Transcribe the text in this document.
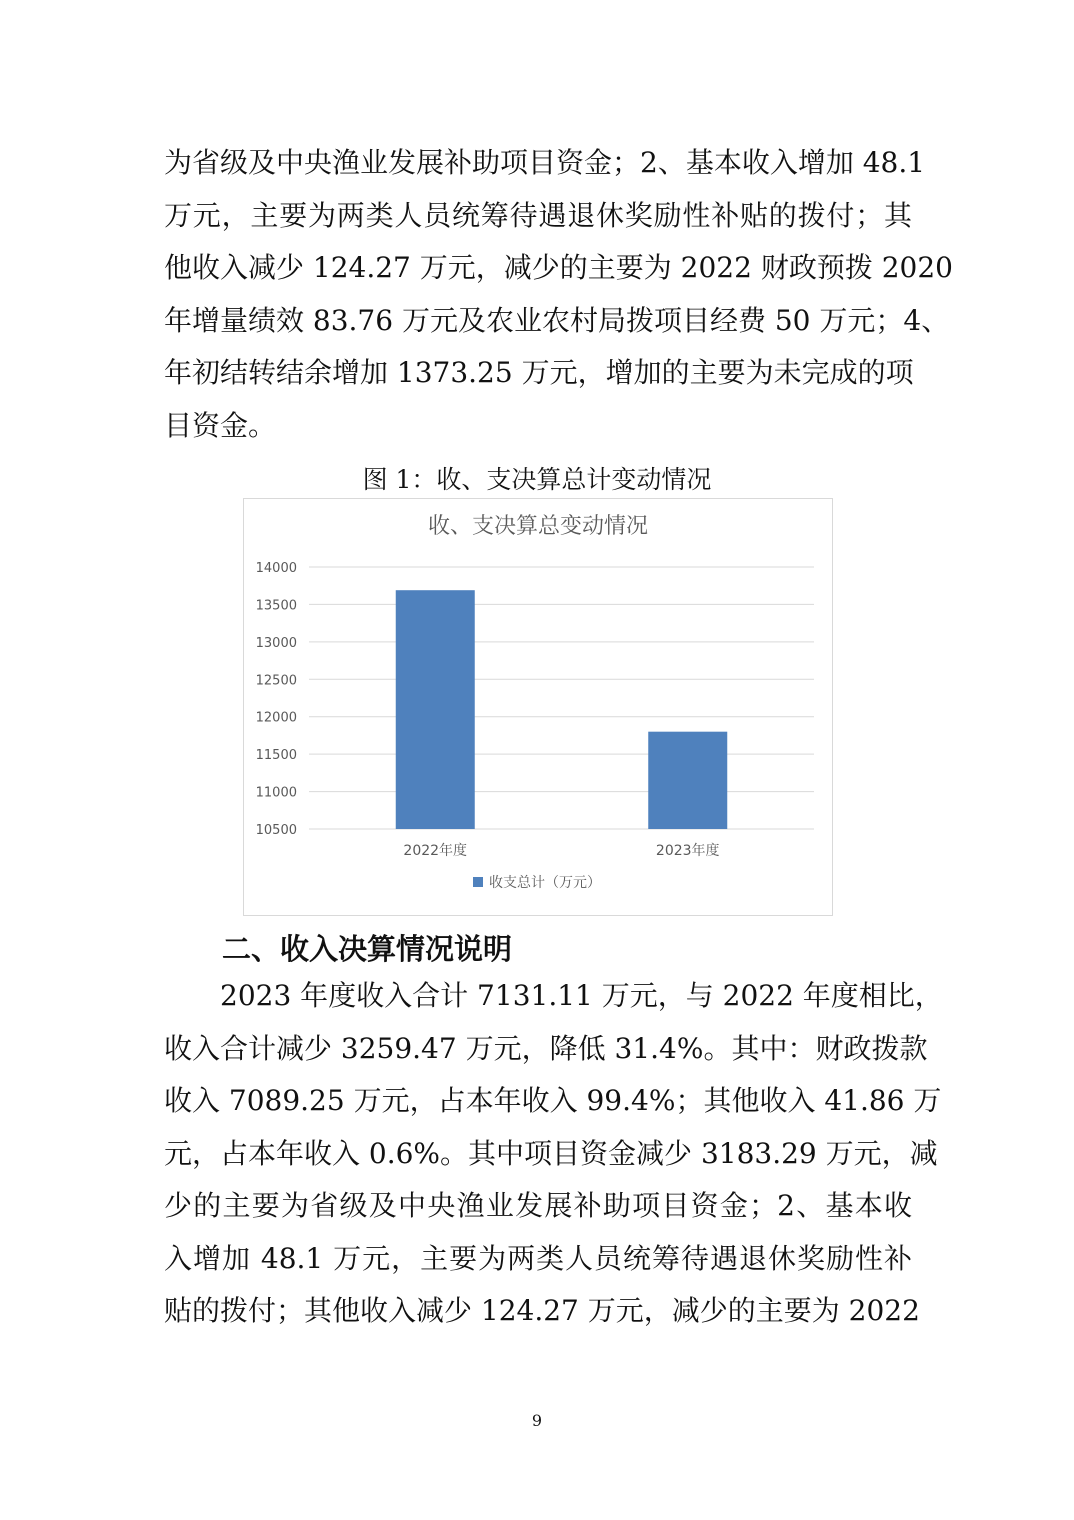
为省级及中央渔业发展补助项目资金；2、基本收入增加 48.1
万元，主要为两类人员统筹待遇退休奖励性补贴的拨付；其
他收入减少 124.27 万元，减少的主要为 2022 财政预拨 2020
年增量绩效 83.76 万元及农业农村局拨项目经费 50 万元；4、
年初结转结余增加 1373.25 万元，增加的主要为未完成的项
目资金。
图 1：收、支决算总计变动情况
收、支决算总变动情况
10500
11000
11500
12000
12500
13000
13500
14000
2022年度	2023年度
收支总计（万元）
二、收入决算情况说明
2023 年度收入合计 7131.11 万元，与 2022 年度相比，
收入合计减少 3259.47 万元，降低 31.4%。其中：财政拨款
收入 7089.25 万元，占本年收入 99.4%；其他收入 41.86 万
元，占本年收入 0.6%。其中项目资金减少 3183.29 万元，减
少的主要为省级及中央渔业发展补助项目资金；2、基本收
入增加 48.1 万元，主要为两类人员统筹待遇退休奖励性补
贴的拨付；其他收入减少 124.27 万元，减少的主要为 2022
9
